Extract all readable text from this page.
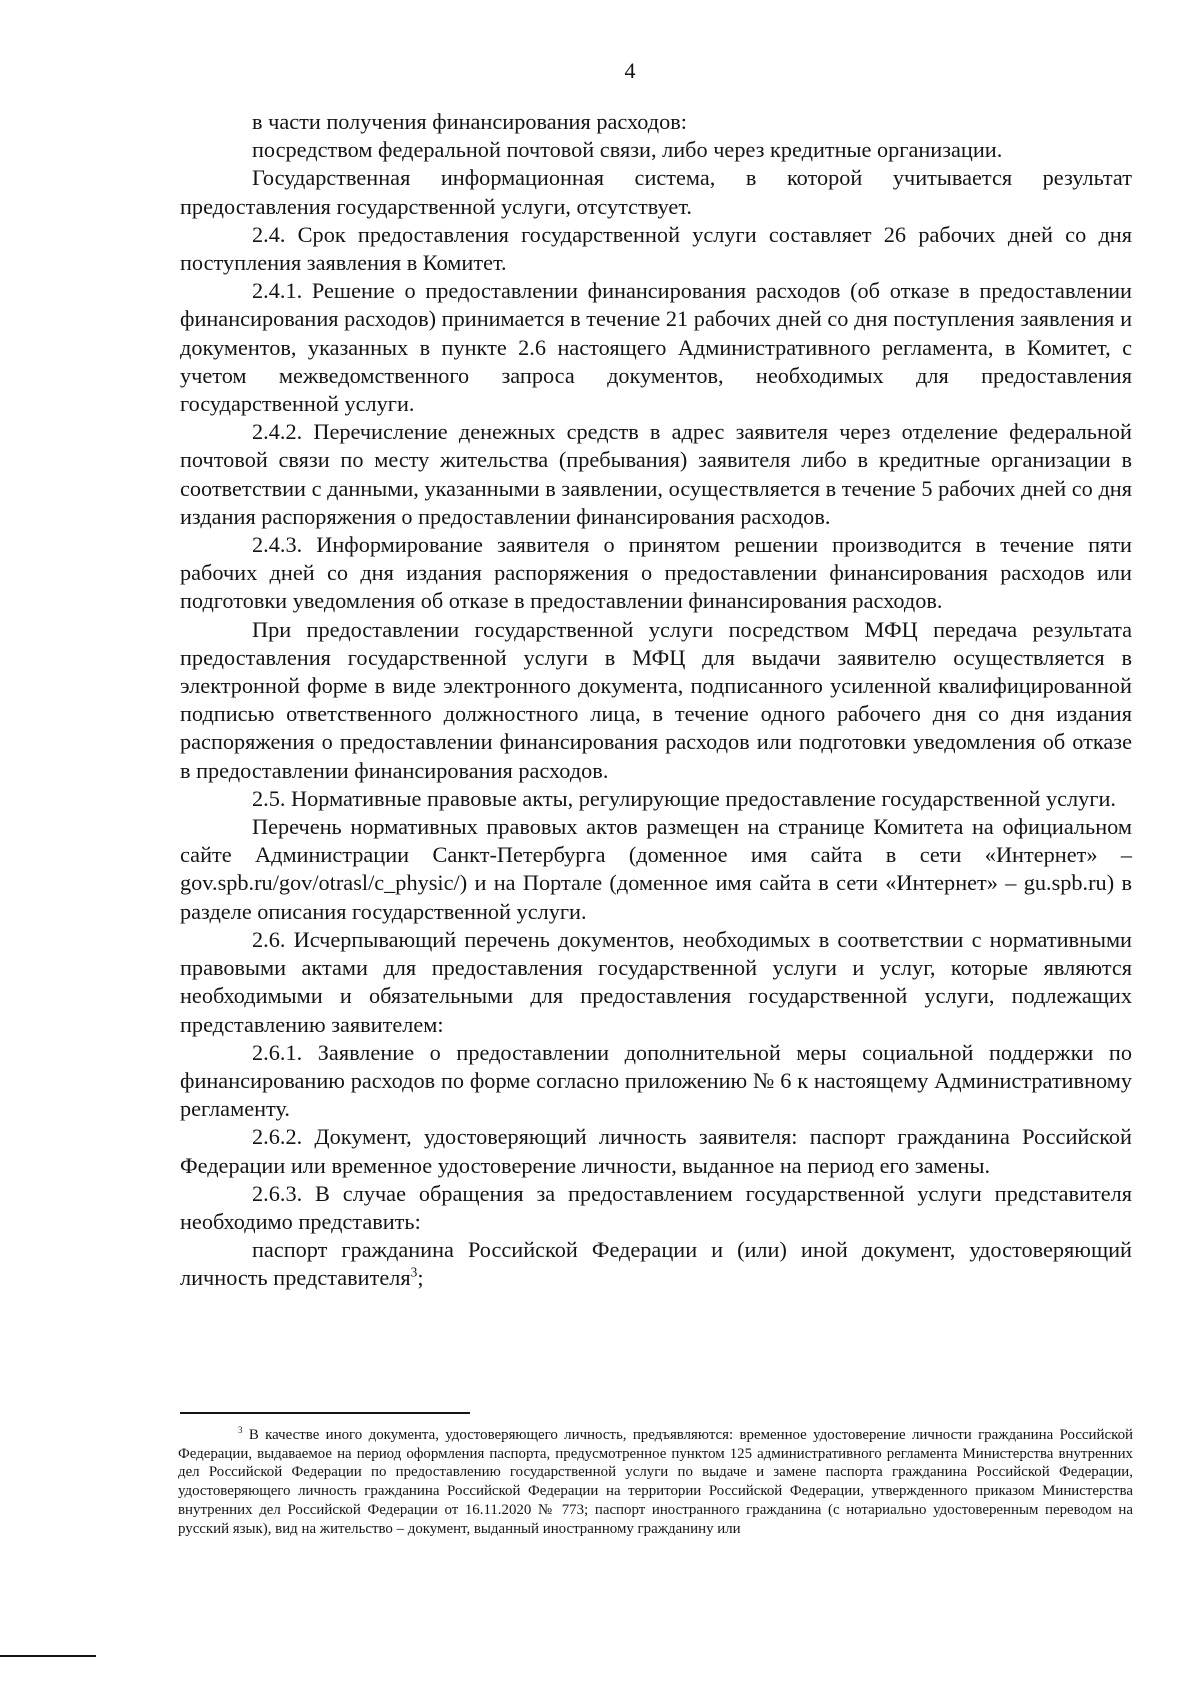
4

в части получения финансирования расходов:

посредством федеральной почтовой связи, либо через кредитные организации.

Государственная информационная система, в которой учитывается результат предоставления государственной услуги, отсутствует.

2.4. Срок предоставления государственной услуги составляет 26 рабочих дней со дня поступления заявления в Комитет.

2.4.1. Решение о предоставлении финансирования расходов (об отказе в предоставлении финансирования расходов) принимается в течение 21 рабочих дней со дня поступления заявления и документов, указанных в пункте 2.6 настоящего Административного регламента, в Комитет, с учетом межведомственного запроса документов, необходимых для предоставления государственной услуги.

2.4.2. Перечисление денежных средств в адрес заявителя через отделение федеральной почтовой связи по месту жительства (пребывания) заявителя либо в кредитные организации в соответствии с данными, указанными в заявлении, осуществляется в течение 5 рабочих дней со дня издания распоряжения о предоставлении финансирования расходов.

2.4.3. Информирование заявителя о принятом решении производится в течение пяти рабочих дней со дня издания распоряжения о предоставлении финансирования расходов или подготовки уведомления об отказе в предоставлении финансирования расходов.

При предоставлении государственной услуги посредством МФЦ передача результата предоставления государственной услуги в МФЦ для выдачи заявителю осуществляется в электронной форме в виде электронного документа, подписанного усиленной квалифицированной подписью ответственного должностного лица, в течение одного рабочего дня со дня издания распоряжения о предоставлении финансирования расходов или подготовки уведомления об отказе в предоставлении финансирования расходов.

2.5. Нормативные правовые акты, регулирующие предоставление государственной услуги.

Перечень нормативных правовых актов размещен на странице Комитета на официальном сайте Администрации Санкт-Петербурга (доменное имя сайта в сети «Интернет» –gov.spb.ru/gov/otrasl/c_physic/) и на Портале (доменное имя сайта в сети «Интернет» – gu.spb.ru) в разделе описания государственной услуги.

2.6. Исчерпывающий перечень документов, необходимых в соответствии с нормативными правовыми актами для предоставления государственной услуги и услуг, которые являются необходимыми и обязательными для предоставления государственной услуги, подлежащих представлению заявителем:

2.6.1. Заявление о предоставлении дополнительной меры социальной поддержки по финансированию расходов по форме согласно приложению № 6 к настоящему Административному регламенту.

2.6.2. Документ, удостоверяющий личность заявителя: паспорт гражданина Российской Федерации или временное удостоверение личности, выданное на период его замены.

2.6.3. В случае обращения за предоставлением государственной услуги представителя необходимо представить:

паспорт гражданина Российской Федерации и (или) иной документ, удостоверяющий личность представителя$^3$;

$^3$ В качестве иного документа, удостоверяющего личность, предъявляются: временное удостоверение личности гражданина Российской Федерации, выдаваемое на период оформления паспорта, предусмотренное пунктом 125 административного регламента Министерства внутренних дел Российской Федерации по предоставлению государственной услуги по выдаче и замене паспорта гражданина Российской Федерации, удостоверяющего личность гражданина Российской Федерации на территории Российской Федерации, утвержденного приказом Министерства внутренних дел Российской Федерации от 16.11.2020 № 773; паспорт иностранного гражданина (с нотариально удостоверенным переводом на русский язык), вид на жительство – документ, выданный иностранному гражданину или
